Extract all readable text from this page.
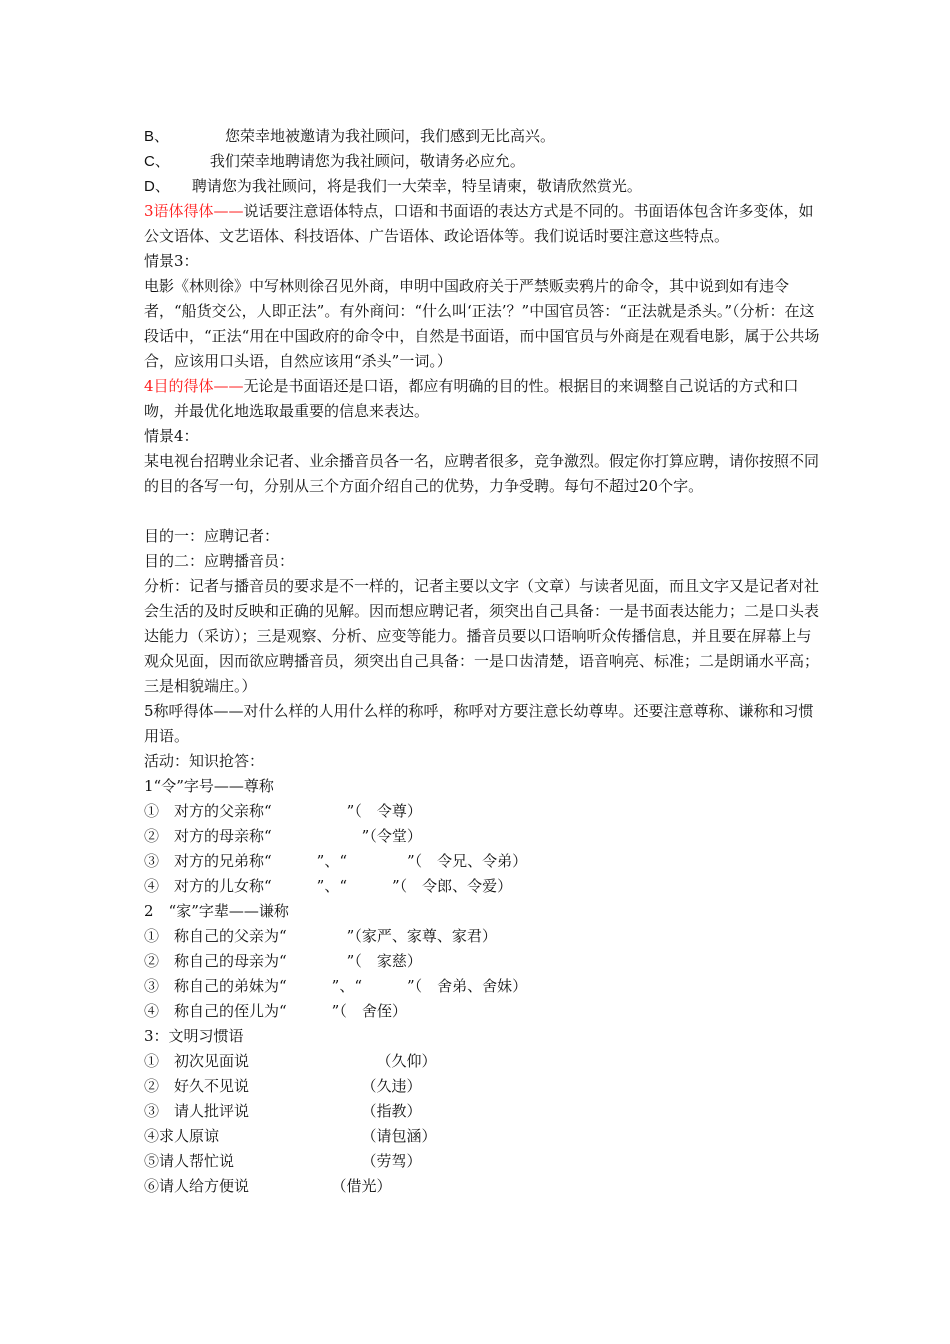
B、	您荣幸地被邀请为我社顾问，我们感到无比高兴。
C、	我们荣幸地聘请您为我社顾问，敬请务必应允。
D、 聘请您为我社顾问，将是我们一大荣幸，特呈请柬，敬请欣然赏光。

3语体得体——说话要注意语体特点，口语和书面语的表达方式是不同的。书面语体包含许多变体，如公文语体、文艺语体、科技语体、广告语体、政论语体等。我们说话时要注意这些特点。

情景3：

电影《林则徐》中写林则徐召见外商，申明中国政府关于严禁贩卖鸦片的命令，其中说到如有违令者，“船货交公，人即正法”。有外商问：“什么叫‘正法’？”中国官员答：“正法就是杀头。”（分析：在这段话中，“正法“用在中国政府的命令中，自然是书面语，而中国官员与外商是在观看电影，属于公共场合，应该用口头语，自然应该用“杀头”一词。）

4目的得体——无论是书面语还是口语，都应有明确的目的性。根据目的来调整自己说话的方式和口吻，并最优化地选取最重要的信息来表达。

情景4：

某电视台招聘业余记者、业余播音员各一名，应聘者很多，竞争激烈。假定你打算应聘，请你按照不同的目的各写一句，分别从三个方面介绍自己的优势，力争受聘。每句不超过20个字。

目的一：应聘记者：

目的二：应聘播音员：

分析：记者与播音员的要求是不一样的，记者主要以文字（文章）与读者见面，而且文字又是记者对社会生活的及时反映和正确的见解。因而想应聘记者，须突出自己具备：一是书面表达能力；二是口头表达能力（采访）；三是观察、分析、应变等能力。播音员要以口语响听众传播信息，并且要在屏幕上与观众见面，因而欲应聘播音员，须突出自己具备：一是口齿清楚，语音响亮、标准；二是朗诵水平高；三是相貌端庄。）

5称呼得体——对什么样的人用什么样的称呼，称呼对方要注意长幼尊卑。还要注意尊称、谦称和习惯用语。

活动：知识抢答：

1“令”字号——尊称
①　对方的父亲称“　　　　　”（　令尊）
②　对方的母亲称“　　　　　　”（令堂）
③　对方的兄弟称“　　　”、“　　　　”（　令兄、令弟）
④　对方的儿女称“　　　”、“　　　”（　令郎、令爱）
2　“家”字辈——谦称
①　称自己的父亲为“　　　　”（家严、家尊、家君）
②　称自己的母亲为“　　　　”（　家慈）
③　称自己的弟妹为“　　　”、“　　　”（　舍弟、舍妹）
④　称自己的侄儿为“　　　”（　舍侄）
3：文明习惯语
①　初次见面说　　　　　　　　　（久仰）
②　好久不见说　　　　　　　　（久违）
③　请人批评说　　　　　　　　（指教）
④求人原谅　　　　　　　　　　（请包涵）
⑤请人帮忙说　　　　　　　　　（劳驾）
⑥请人给方便说　　　　　　（借光）
